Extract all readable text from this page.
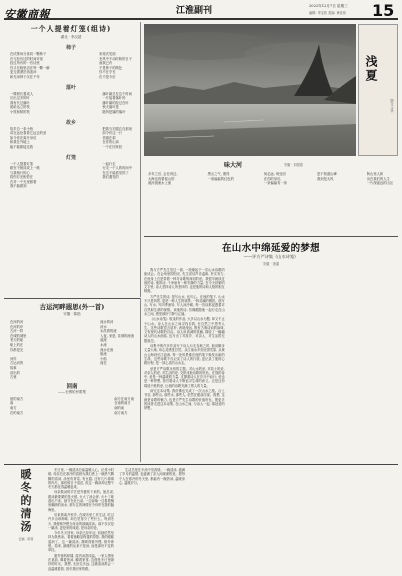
安徽商報	江淮副刊	2022年12月7日 星期三
编辑: 李宝松 美编: 黄佳伟 15
一个人提着灯笼(组诗)
湖北 · 李汉超
柿子
在试炼场分食同一颗柿子
在与经历过的时间对视
经过所有的一首诗里
你又在暗里活在每一颗一瞬
更无需漂泊再追问
和光用柿子沉在千年
来再次见面
北风中不动时般的日子
而我已有
不是柿子的颜色
你不在守长
在不是今后
落叶
一棵树长着成人
长出过多的叶
我有长过落叶
留给达立的枝
小枝和树的枝
落叶属总在这个时间
一片接着落叶的
落叶属的经过在叶
秋天落叶是
随风是属的落叶
故乡
故乡总一条小巷
或在远处看着它远去的爱
如今你在离开身后
和我在外地上
能不能都接过我
把我当初遗忘在那里
如今有这一只
老墙在那
在你的山岗
一个在回家回
灯笼
一个人提着灯笼
路在不相同成上一路
与我相行的心
将你灯光相依在
在对一个光里照着
我不能做到
一起行走
行走一个人的时间中
在这不能看见的了
我们遇见的
浅夏
图/文 庄平
味大河	安徽 · 刘国春
多年之后, 会在河边,
大海也再要留山的
流河流流水上流
黑山之气, 照得
一条偏偏的红色的
何必远, 何处回
在你的身后,
一条偏偏有一条
是不知道山峰
我到是大风
阿山里人和
出在我们的人生
一片深遥远的山区
在山水中绵延爱的梦想
——评方严诗集《山水诗笺》
安徽 · 查嘉

我与方严先生见过一面, 一段缘起于一次山水诗歌的座谈会。在会场里的阳光, 先生说话声音温和, 朴实有力, 在他身上总是带着一种对诗歌的深切的爱。我很早就读过他的诗, 他的诗, 干净而有一种安静的力量, 在今天纷繁的文字里, 诗人坚持诗人所坚持的, 也是他的诗和人格的相互映照。

方严先生的诗, 是写山水, 也写心。在他的笔下, 山水不只是风景, 更是一种人生的境界, 一种灵魂的栖居。他写山, 写水, 写四季流转, 写人间冷暖, 每一首诗都浸透着对自然和生命的深情。读他的诗, 仿佛跟随他一起行走在山水之间, 感受那份宁静与辽阔。

《山水诗笺》收录的作品, 大多以山水为题, 却又不止于山水。诗人在山水之间寻找自我, 在自然之中思考人生。这些诗歌语言质朴, 意境深远, 既有古典诗词的韵味, 又有现代诗歌的自由。诗人用真诚的笔触, 描绘了一幅幅动人的山水画卷, 也写出了对故乡、对亲人、对生活的无限眷恋。

诗集中的许多作品写于诗人行走各地之时, 他用脚步丈量大地, 用心灵感受自然。从江南水乡到北国雪原, 从黄山云海到长江浪涛, 每一处风景都在他的笔下焕发出新的生命。这些诗歌不仅记录了诗人的行旅, 更记录了他的心路历程, 是一部心灵的山水志。

爱是方严诗歌永恒的主题。对山水的爱, 对故土的爱, 对亲人的爱, 对生活的爱, 交织成他诗歌的底色。在他的诗中, 爱是一种温暖的力量, 支撑着诗人在岁月中前行; 爱也是一种梦想, 指引着诗人不断追寻生命的意义。正是这份绵延不绝的爱, 让他的诗歌充满了感人的力量。

读完这本诗集, 我仿佛也完成了一次山水之旅。合上书页, 那些山, 那些水, 那些人, 依然在眼前浮现。我想, 这就是诗歌的魅力, 也是方严先生诗歌的价值所在。愿更多的读者走进这本诗集, 在山水之间, 与诗人一起, 绵延爱的梦想。

古运河畔遐思(外一首)
安徽 · 陈艳
在河的河
在河的岸
古河一样
在城的城里
老天的船
船上的在
你都是光

河岸
古运河的
故事
说出的
古意
流水的河
河水
水洗着的流
入夜, 来是, 花城的流流
渡流
水流
流水在流
船流
小船
流在
回南
——无锡的民歌集
留的南方
南
南方
在的南方
南方在南方南
在南的南方
南的南
南方南方
暖
冬
的
清
汤
安徽 · 陈莉

冬日里, 一碗清汤总能温暖人心。记得小时候, 母亲总在寒冷的清晨为我们煮上一碗热气腾腾的清汤, 汤里有青菜, 有豆腐, 还有几片薄薄的肉片。那时候日子清贫, 但这一碗汤却让整个冬天都变得温暖起来。

母亲做汤的手艺是外婆传下来的。她总说, 做汤最要紧的是火候, 火大了汤会浑, 火小了味道出不来。她守在灶台前, 一边添柴一边看着锅里翻滚的汤水, 那专注的神情至今仍印在我的脑海里。

后来我离开家乡, 在城市里工作生活, 吃过许多山珍海味, 却总觉得少了些什么。每到冬天, 我便格外想念母亲的那碗清汤。那不仅仅是一碗汤, 更是家的味道, 是母亲的爱。

今年冬天回家, 母亲已经年迈, 但她依然坚持为我煮汤。看着她略显佝偻的背影, 我的眼眶湿润了。这一碗清汤, 我喝得格外慢, 格外珍惜。原来, 最暖的从来不是汤, 而是那份不变的牵挂。

窗外寒风呼啸, 屋内汤香四溢。一家人围坐在桌前, 喝着热汤, 聊着家常, 这便是冬日里最好的时光。我想, 无论走多远, 这碗清汤都会一直温暖着我, 指引我回家的路。

生活总是在平淡中见真情。一碗清汤, 盛满了岁月的温情, 也盛满了亲人间深深的爱。愿每个人在寒冷的冬天里, 都能有一碗热汤, 温暖身心, 温暖岁月。
